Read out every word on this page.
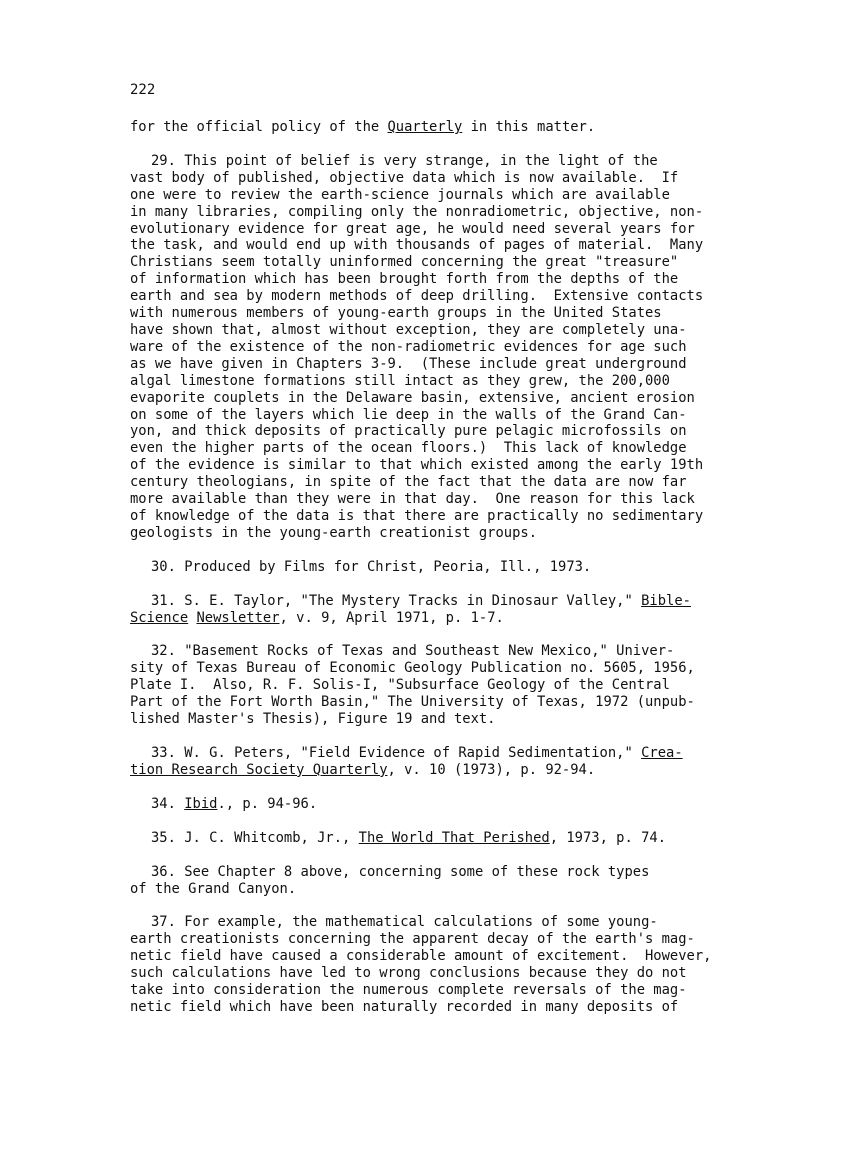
222
for the official policy of the Quarterly in this matter.
29. This point of belief is very strange, in the light of the
vast body of published, objective data which is now available.  If
one were to review the earth-science journals which are available
in many libraries, compiling only the nonradiometric, objective, non-
evolutionary evidence for great age, he would need several years for
the task, and would end up with thousands of pages of material.  Many
Christians seem totally uninformed concerning the great "treasure"
of information which has been brought forth from the depths of the
earth and sea by modern methods of deep drilling.  Extensive contacts
with numerous members of young-earth groups in the United States
have shown that, almost without exception, they are completely una-
ware of the existence of the non-radiometric evidences for age such
as we have given in Chapters 3-9.  (These include great underground
algal limestone formations still intact as they grew, the 200,000
evaporite couplets in the Delaware basin, extensive, ancient erosion
on some of the layers which lie deep in the walls of the Grand Can-
yon, and thick deposits of practically pure pelagic microfossils on
even the higher parts of the ocean floors.)  This lack of knowledge
of the evidence is similar to that which existed among the early 19th
century theologians, in spite of the fact that the data are now far
more available than they were in that day.  One reason for this lack
of knowledge of the data is that there are practically no sedimentary
geologists in the young-earth creationist groups.
30. Produced by Films for Christ, Peoria, Ill., 1973.
31. S. E. Taylor, "The Mystery Tracks in Dinosaur Valley," Bible-
Science Newsletter, v. 9, April 1971, p. 1-7.
32. "Basement Rocks of Texas and Southeast New Mexico," Univer-
sity of Texas Bureau of Economic Geology Publication no. 5605, 1956,
Plate I.  Also, R. F. Solis-I, "Subsurface Geology of the Central
Part of the Fort Worth Basin," The University of Texas, 1972 (unpub-
lished Master's Thesis), Figure 19 and text.
33. W. G. Peters, "Field Evidence of Rapid Sedimentation," Crea-
tion Research Society Quarterly, v. 10 (1973), p. 92-94.
34. Ibid., p. 94-96.
35. J. C. Whitcomb, Jr., The World That Perished, 1973, p. 74.
36. See Chapter 8 above, concerning some of these rock types
of the Grand Canyon.
37. For example, the mathematical calculations of some young-
earth creationists concerning the apparent decay of the earth's mag-
netic field have caused a considerable amount of excitement.  However,
such calculations have led to wrong conclusions because they do not
take into consideration the numerous complete reversals of the mag-
netic field which have been naturally recorded in many deposits of
